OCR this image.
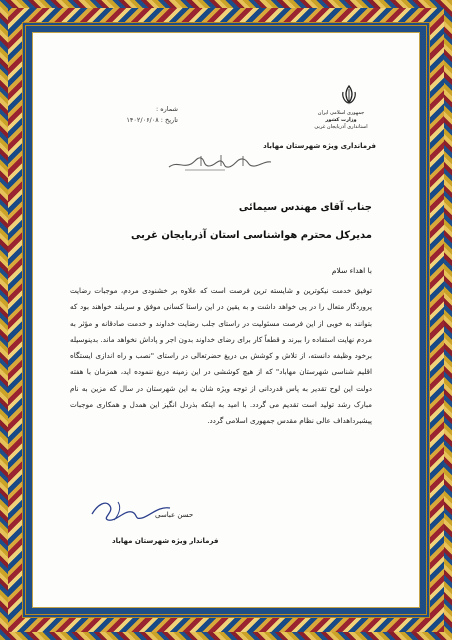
جمهوری اسلامی ایران
وزارت کشور
استانداری آذربایجان غربی
فرمانداری ویژه شهرستان مهاباد
شماره :
تاریخ : ۱۴۰۲/۰۶/۰۸
بسمه تعالی
جناب آقای مهندس سیمائی
مدیرکل محترم هواشناسی استان آذربایجان غربی
با اهداء سلام
توفیق خدمت نیکوترین و شایسته ترین فرصت است که علاوه بر خشنودی مردم، موجبات رضایت پروردگار متعال را در پی خواهد داشت و به یقین در این راستا کسانی موفق و سربلند خواهند بود که بتوانند به خوبی از این فرصت مسئولیت در راستای جلب رضایت خداوند و خدمت صادقانه و مؤثر به مردم نهایت استفاده را ببرند و قطعاً کار برای رضای خداوند بدون اجر و پاداش نخواهد ماند. بدینوسیله برخود وظیفه دانسته، از تلاش و کوشش بی دریغ حضرتعالی در راستای "نصب و راه اندازی ایستگاه اقلیم شناسی شهرستان مهاباد" که از هیچ کوششی در این زمینه دریغ ننموده اید، همزمان با هفته دولت این لوح تقدیر به پاس قدردانی از توجه ویژه شان به این شهرستان در سال که مزین به نام مبارک رشد تولید است تقدیم می گردد. با امید به اینکه بذردل انگیز این همدل و همکاری موجبات پیشبرداهداف عالی نظام مقدس جمهوری اسلامی گردد.
حسن عباسی
فرماندار ویژه شهرستان مهاباد
